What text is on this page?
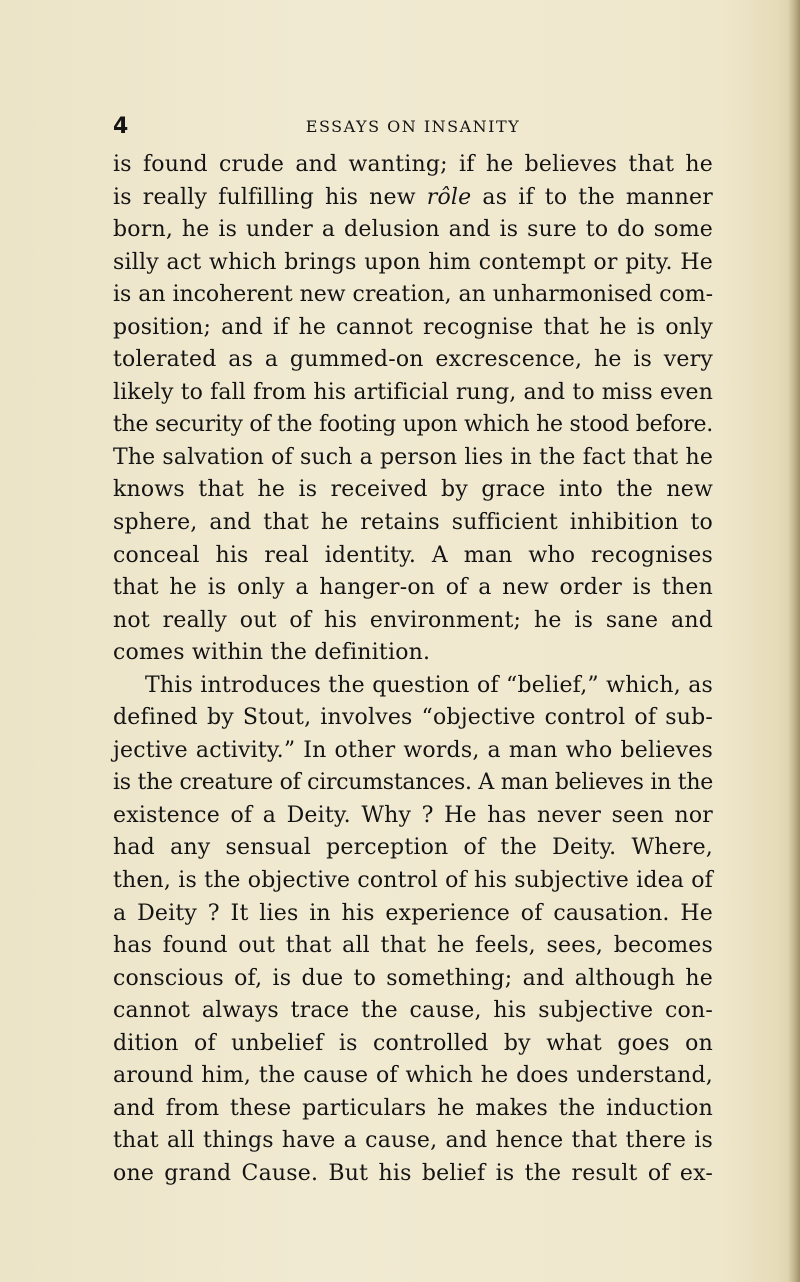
4	ESSAYS ON INSANITY
is found crude and wanting; if he believes that he
is really fulfilling his new rôle as if to the manner
born, he is under a delusion and is sure to do some
silly act which brings upon him contempt or pity. He
is an incoherent new creation, an unharmonised com-
position; and if he cannot recognise that he is only
tolerated as a gummed-on excrescence, he is very
likely to fall from his artificial rung, and to miss even
the security of the footing upon which he stood before.
The salvation of such a person lies in the fact that he
knows that he is received by grace into the new
sphere, and that he retains sufficient inhibition to
conceal his real identity. A man who recognises
that he is only a hanger-on of a new order is then
not really out of his environment; he is sane and
comes within the definition.
This introduces the question of “belief,” which, as
defined by Stout, involves “objective control of sub-
jective activity.” In other words, a man who believes
is the creature of circumstances. A man believes in the
existence of a Deity. Why ? He has never seen nor
had any sensual perception of the Deity. Where,
then, is the objective control of his subjective idea of
a Deity ? It lies in his experience of causation. He
has found out that all that he feels, sees, becomes
conscious of, is due to something; and although he
cannot always trace the cause, his subjective con-
dition of unbelief is controlled by what goes on
around him, the cause of which he does understand,
and from these particulars he makes the induction
that all things have a cause, and hence that there is
one grand Cause. But his belief is the result of ex-
